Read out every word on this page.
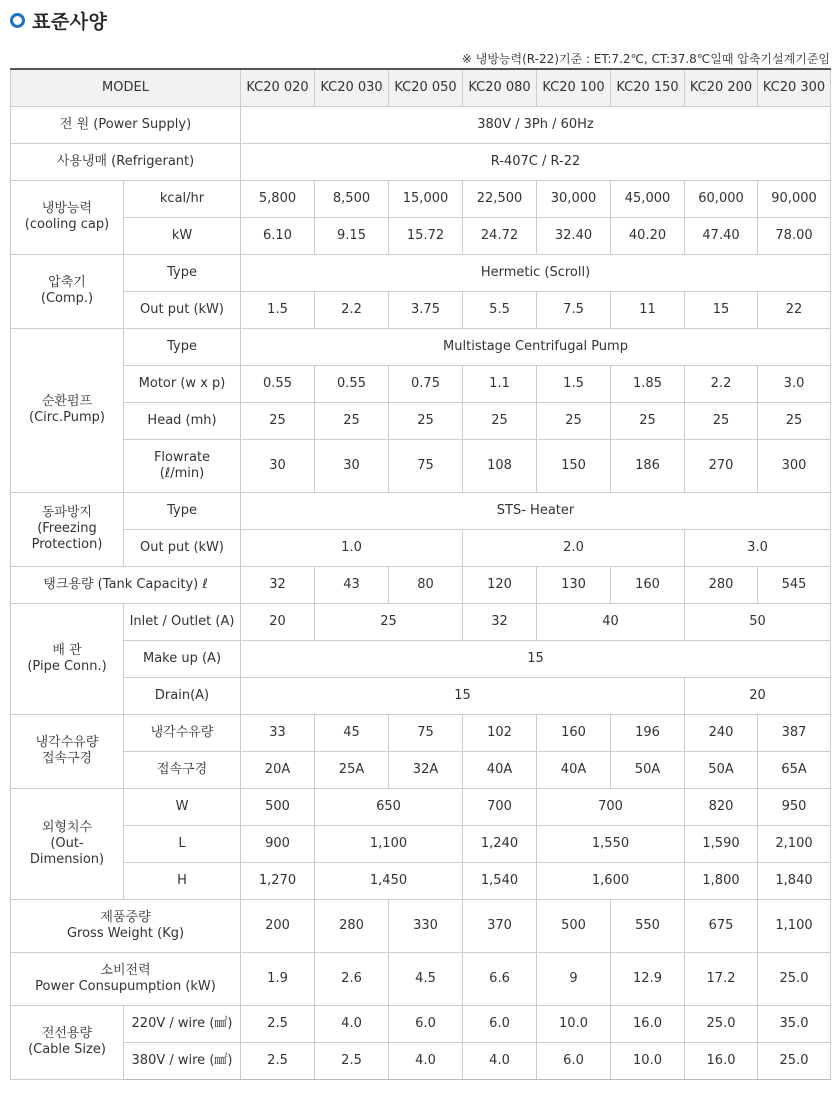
표준사양
※ 냉방능력(R-22)기준 : ET:7.2℃, CT:37.8℃일때 압축기설계기준임
MODEL		KC20 020	KC20 030	KC20 050	KC20 080	KC20 100	KC20 150	KC20 200	KC20 300
전 원 (Power Supply)		380V / 3Ph / 60Hz							
사용냉매 (Refrigerant)		R-407C / R-22							

냉방능력
(cooling cap)	kcal/hr	5,800	8,500	15,000	22,500	30,000	45,000	60,000	90,000
	kW	6.10	9.15	15.72	24.72	32.40	40.20	47.40	78.00

압축기
(Comp.)	Type	Hermetic (Scroll)							
	Out put (kW)	1.5	2.2	3.75	5.5	7.5	11	15	22

순환펌프
(Circ.Pump)	Type	Multistage Centrifugal Pump							
	Motor (w x p)	0.55	0.55	0.75	1.1	1.5	1.85	2.2	3.0
	Head (mh)	25	25	25	25	25	25	25	25

	Flowrate
(ℓ/min)	30	30	75	108	150	186	270	300

동파방지
(Freezing
Protection)	Type	STS- Heater							
	Out put (kW)	1.0			2.0			3.0	
탱크용량 (Tank Capacity) ℓ		32	43	80	120	130	160	280	545

배 관
(Pipe Conn.)	Inlet / Outlet (A)	20	25		32	40		50	
	Make up (A)	15							
	Drain(A)	15						20	

냉각수유량
접속구경	냉각수유량	33	45	75	102	160	196	240	387
	접속구경	20A	25A	32A	40A	40A	50A	50A	65A

외형치수
(Out-
Dimension)	W	500	650		700	700		820	950
	L	900	1,100		1,240	1,550		1,590	2,100
	H	1,270	1,450		1,540	1,600		1,800	1,840

제품중량
Gross Weight (Kg)		200	280	330	370	500	550	675	1,100

소비전력
Power Consupumption (kW)		1.9	2.6	4.5	6.6	9	12.9	17.2	25.0

전선용량
(Cable Size)	220V / wire (㎟)	2.5	4.0	6.0	6.0	10.0	16.0	25.0	35.0
	380V / wire (㎟)	2.5	2.5	4.0	4.0	6.0	10.0	16.0	25.0
